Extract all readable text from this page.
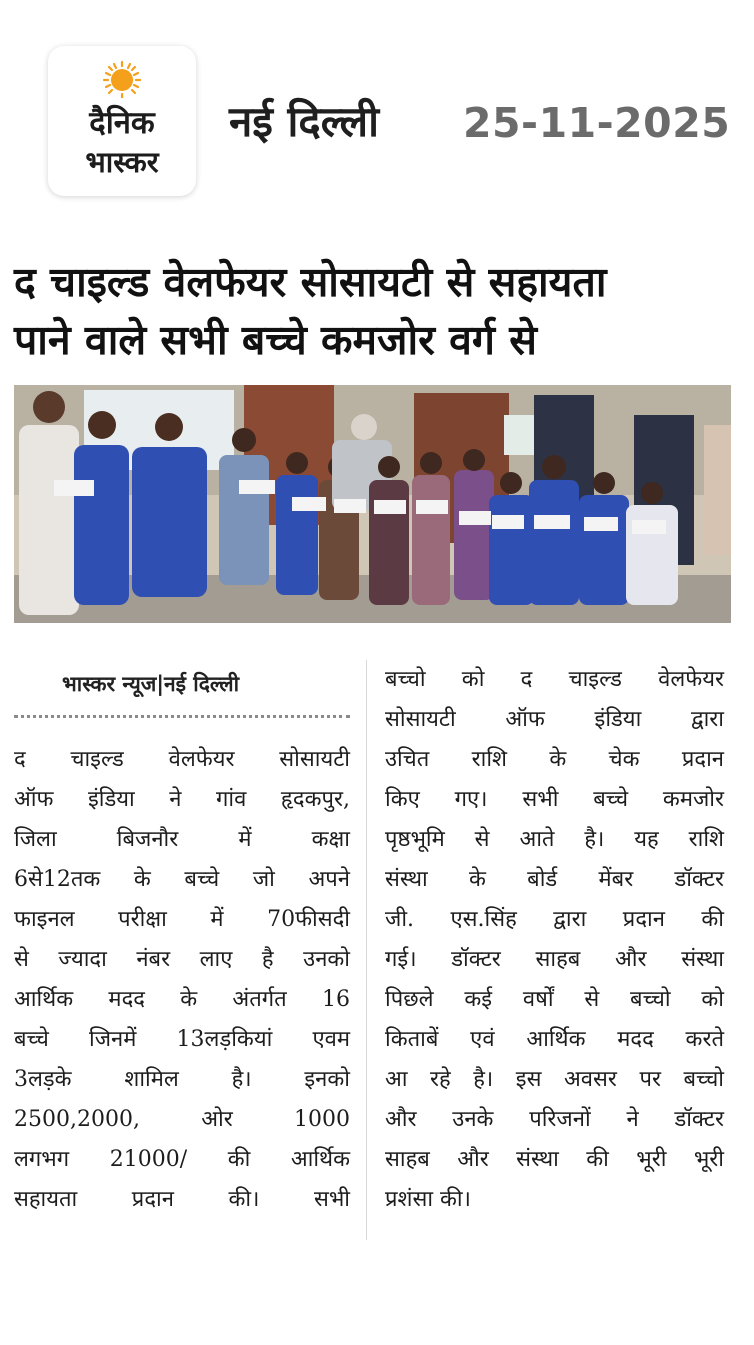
दैनिक
भास्कर
नई दिल्ली 25-11-2025
द चाइल्ड वेलफेयर सोसायटी से सहायता
पाने वाले सभी बच्चे कमजोर वर्ग से
भास्कर न्यूज|नई दिल्ली
द चाइल्ड वेलफेयर सोसायटी
ऑफ इंडिया ने गांव हृदकपुर,
जिला बिजनौर में कक्षा
6से12तक के बच्चे जो अपने
फाइनल परीक्षा में 70फीसदी
से ज्यादा नंबर लाए है उनको
आर्थिक मदद के अंतर्गत 16
बच्चे जिनमें 13लड़कियां एवम
3लड़के शामिल है। इनको
2500,2000, ओर 1000
लगभग 21000/ की आर्थिक
सहायता प्रदान की। सभी
बच्चो को द चाइल्ड वेलफेयर
सोसायटी ऑफ इंडिया द्वारा
उचित राशि के चेक प्रदान
किए गए। सभी बच्चे कमजोर
पृष्ठभूमि से आते है। यह राशि
संस्था के बोर्ड मेंबर डॉक्टर
जी. एस.सिंह द्वारा प्रदान की
गई। डॉक्टर साहब और संस्था
पिछले कई वर्षों से बच्चो को
किताबें एवं आर्थिक मदद करते
आ रहे है। इस अवसर पर बच्चो
और उनके परिजनों ने डॉक्टर
साहब और संस्था की भूरी भूरी
प्रशंसा की।
